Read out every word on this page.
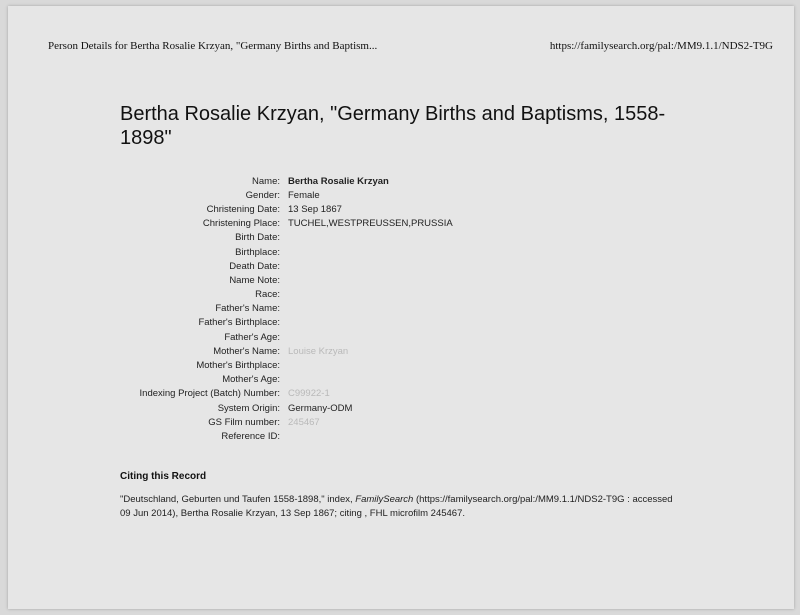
Person Details for Bertha Rosalie Krzyan, "Germany Births and Baptism...	https://familysearch.org/pal:/MM9.1.1/NDS2-T9G
Bertha Rosalie Krzyan, "Germany Births and Baptisms, 1558-1898"
Name: Bertha Rosalie Krzyan
Gender: Female
Christening Date: 13 Sep 1867
Christening Place: TUCHEL,WESTPREUSSEN,PRUSSIA
Birth Date:
Birthplace:
Death Date:
Name Note:
Race:
Father's Name:
Father's Birthplace:
Father's Age:
Mother's Name: Louise Krzyan
Mother's Birthplace:
Mother's Age:
Indexing Project (Batch) Number: C99922-1
System Origin: Germany-ODM
GS Film number: 245467
Reference ID:
Citing this Record
"Deutschland, Geburten und Taufen 1558-1898," index, FamilySearch (https://familysearch.org/pal:/MM9.1.1/NDS2-T9G : accessed 09 Jun 2014), Bertha Rosalie Krzyan, 13 Sep 1867; citing , FHL microfilm 245467.
